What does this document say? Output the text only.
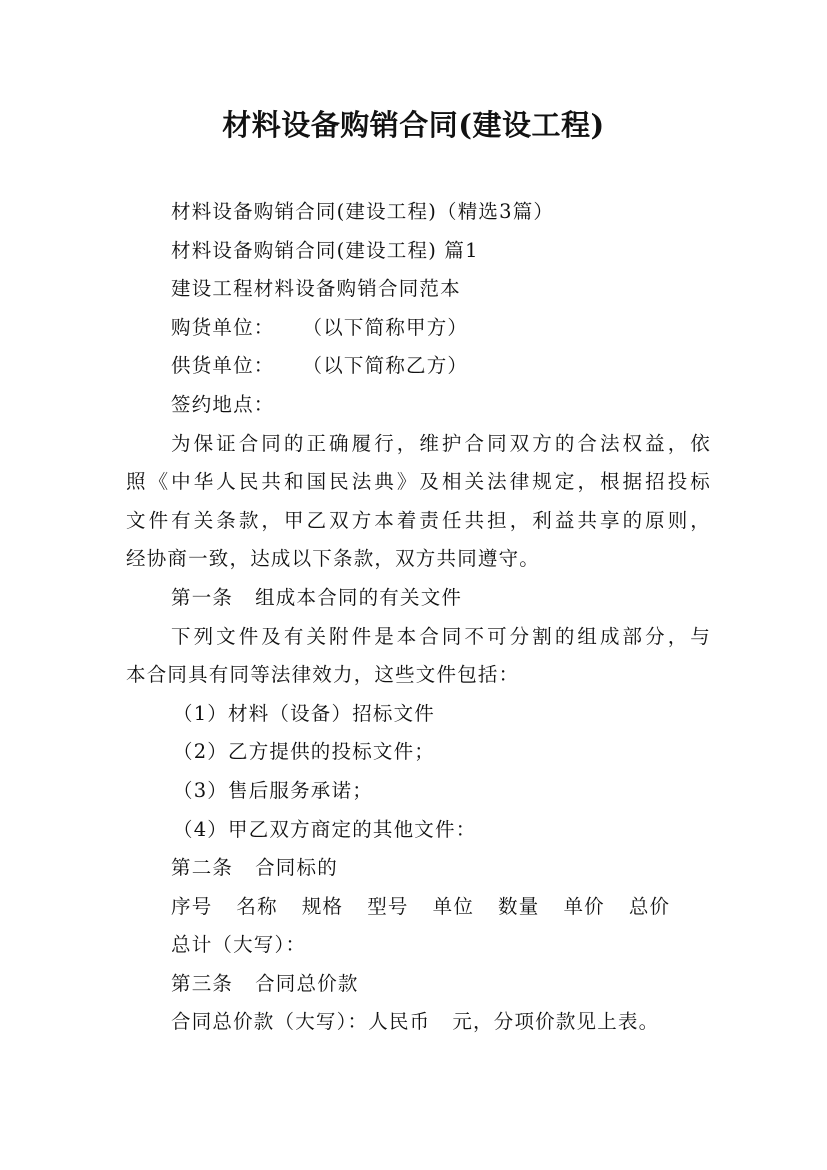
材料设备购销合同(建设工程)
材料设备购销合同(建设工程)（精选3篇）
材料设备购销合同(建设工程) 篇1
建设工程材料设备购销合同范本
购货单位： （以下简称甲方）
供货单位： （以下简称乙方）
签约地点：
为保证合同的正确履行，维护合同双方的合法权益，依
照《中华人民共和国民法典》及相关法律规定，根据招投标
文件有关条款，甲乙双方本着责任共担，利益共享的原则，
经协商一致，达成以下条款，双方共同遵守。
第一条 组成本合同的有关文件
下列文件及有关附件是本合同不可分割的组成部分，与
本合同具有同等法律效力，这些文件包括：
（1）材料（设备）招标文件
（2）乙方提供的投标文件；
（3）售后服务承诺；
（4）甲乙双方商定的其他文件：
第二条 合同标的
序号 名称 规格 型号 单位 数量 单价 总价
总计（大写）：
第三条 合同总价款
合同总价款（大写）：人民币 元，分项价款见上表。
